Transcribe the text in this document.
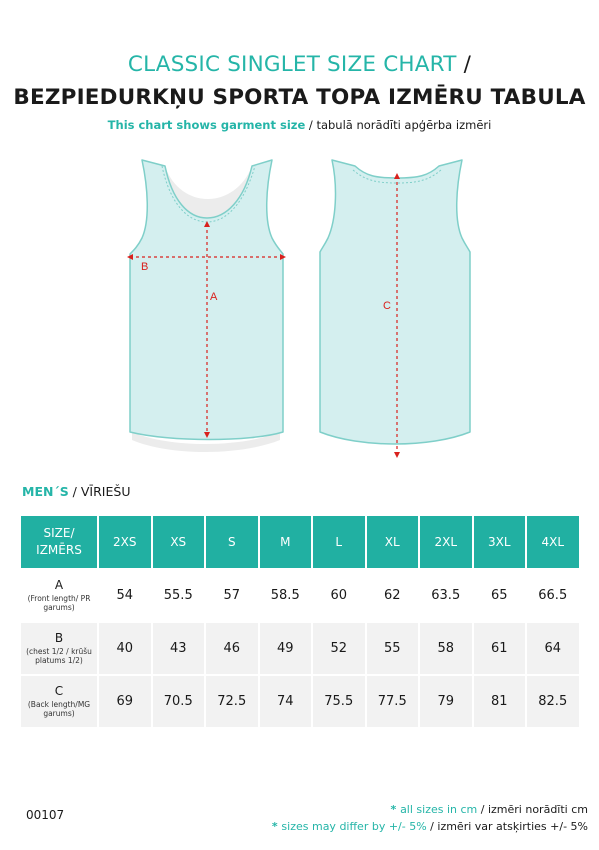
CLASSIC SINGLET SIZE CHART /
BEZPIEDURKŅU SPORTA TOPA IZMĒRU TABULA
This chart shows garment size / tabulā norādīti apģērba izmēri
A
B
C
MEN´S / VĪRIEŠU
SIZE/ IZMĒRS	2XS	XS	S	M	L	XL	2XL	3XL	4XL
A
(Front length/ PR garums)	54	55.5	57	58.5	60	62	63.5	65	66.5
B
(chest 1/2 / krūšu platums 1/2)	40	43	46	49	52	55	58	61	64
C
(Back length/MG garums)	69	70.5	72.5	74	75.5	77.5	79	81	82.5
00107	* all sizes in cm / izmēri norādīti cm
* sizes may differ by +/- 5% / izmēri var atsķirties +/- 5%
